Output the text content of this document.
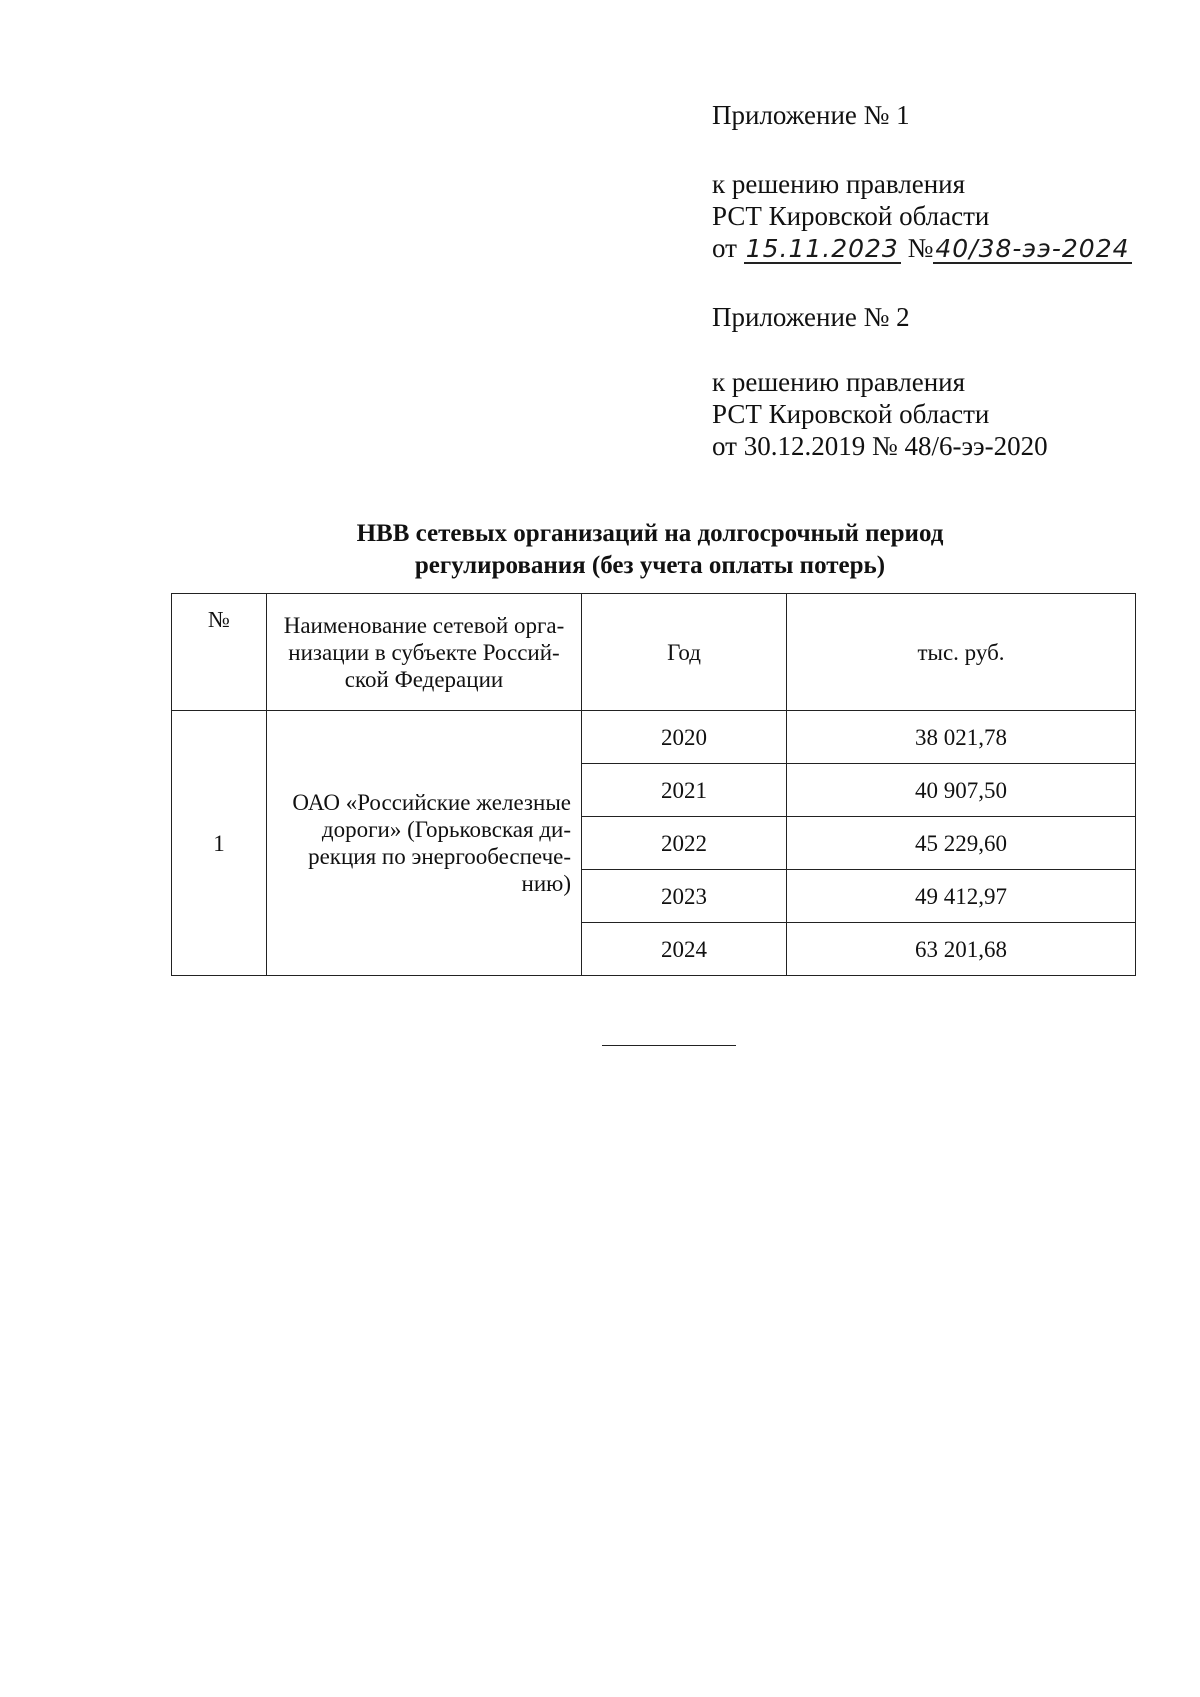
Приложение № 1
к решению правления
РСТ Кировской области
от 15.11.2023 №40/38-ээ-2024
Приложение № 2
к решению правления
РСТ Кировской области
от 30.12.2019 № 48/6-ээ-2020
НВВ сетевых организаций на долгосрочный период
регулирования (без учета оплаты потерь)
№	Наименование сетевой орга-
низации в субъекте Россий-
ской Федерации	Год	тыс. руб.
1	ОАО «Российские железные
дороги» (Горьковская ди-
рекция по энергообеспече-
нию)	2020	38 021,78
		2021	40 907,50
		2022	45 229,60
		2023	49 412,97
		2024	63 201,68
